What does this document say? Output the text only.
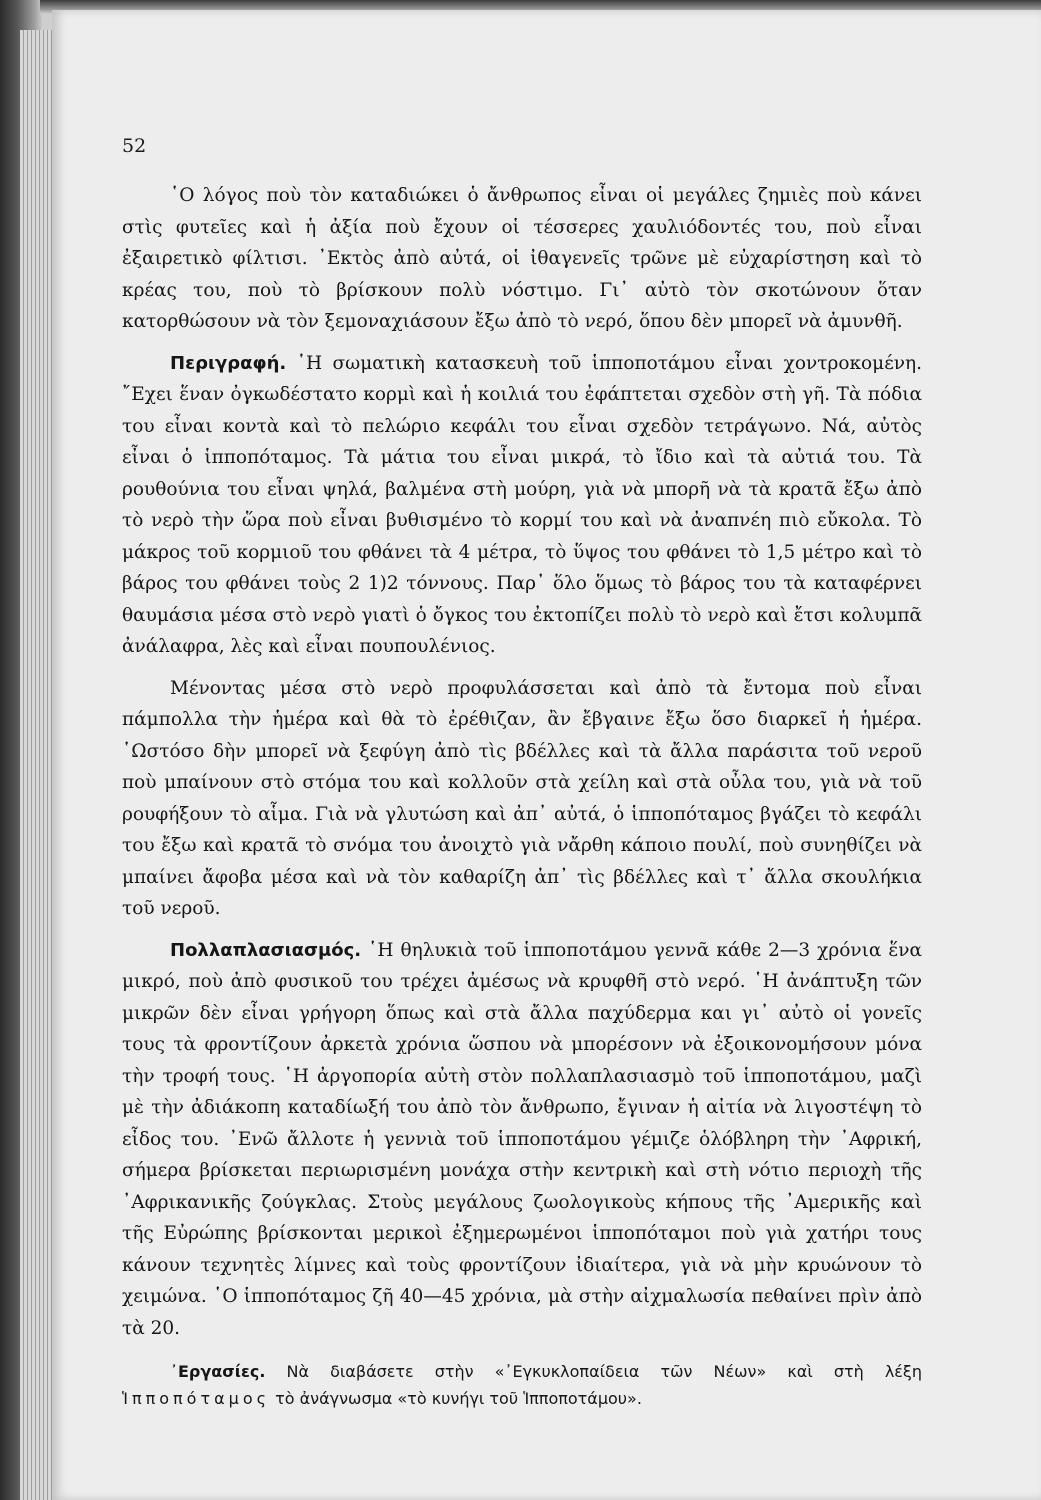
52

῾Ο λόγος ποὺ τὸν καταδιώκει ὁ ἄνθρωπος εἶναι οἱ μεγάλες ζημιὲς ποὺ κάνει στὶς φυτεῖες καὶ ἡ ἀξία ποὺ ἔχουν οἱ τέσσερες χαυλιόδοντές του, ποὺ εἶναι ἐξαιρετικὸ φίλτισι. ᾿Εκτὸς ἀπὸ αὐτά, οἱ ἰθαγενεῖς τρῶνε μὲ εὐχαρίστηση καὶ τὸ κρέας του, ποὺ τὸ βρίσκουν πολὺ νόστιμο. Γι᾿ αὐτὸ τὸν σκοτώνουν ὅταν κατορθώσουν νὰ τὸν ξεμοναχιάσουν ἔξω ἀπὸ τὸ νερό, ὅπου δὲν μπορεῖ νὰ ἀμυνθῆ.

Περιγραφή. ῾Η σωματικὴ κατασκευὴ τοῦ ἱπποποτάμου εἶναι χοντροκομένη. ῎Εχει ἕναν ὀγκωδέστατο κορμὶ καὶ ἡ κοιλιά του ἐφάπτεται σχεδὸν στὴ γῆ. Τὰ πόδια του εἶναι κοντὰ καὶ τὸ πελώριο κεφάλι του εἶναι σχεδὸν τετράγωνο. Νά, αὐτὸς εἶναι ὁ ἱπποπόταμος. Τὰ μάτια του εἶναι μικρά, τὸ ἴδιο καὶ τὰ αὐτιά του. Τὰ ρουθούνια του εἶναι ψηλά, βαλμένα στὴ μούρη, γιὰ νὰ μπορῆ νὰ τὰ κρατᾶ ἔξω ἀπὸ τὸ νερὸ τὴν ὥρα ποὺ εἶναι βυθισμένο τὸ κορμί του καὶ νὰ ἀναπνέη πιὸ εὔκολα. Τὸ μάκρος τοῦ κορμιοῦ του φθάνει τὰ 4 μέτρα, τὸ ὕψος του φθάνει τὸ 1,5 μέτρο καὶ τὸ βάρος του φθάνει τοὺς 2 1)2 τόννους. Παρ᾿ ὅλο ὅμως τὸ βάρος του τὰ καταφέρνει θαυμάσια μέσα στὸ νερὸ γιατὶ ὁ ὄγκος του ἐκτοπίζει πολὺ τὸ νερὸ καὶ ἔτσι κολυμπᾶ ἀνάλαφρα, λὲς καὶ εἶναι πουπουλένιος.

Μένοντας μέσα στὸ νερὸ προφυλάσσεται καὶ ἀπὸ τὰ ἔντομα ποὺ εἶναι πάμπολλα τὴν ἡμέρα καὶ θὰ τὸ ἐρέθιζαν, ἂν ἔβγαινε ἔξω ὅσο διαρκεῖ ἡ ἡμέρα. ῾Ωστόσο δὴν μπορεῖ νὰ ξεφύγη ἀπὸ τὶς βδέλλες καὶ τὰ ἄλλα παράσιτα τοῦ νεροῦ ποὺ μπαίνουν στὸ στόμα του καὶ κολλοῦν στὰ χείλη καὶ στὰ οὖλα του, γιὰ νὰ τοῦ ρουφήξουν τὸ αἷμα. Γιὰ νὰ γλυτώση καὶ ἀπ᾿ αὐτά, ὁ ἱπποπόταμος βγάζει τὸ κεφάλι του ἔξω καὶ κρατᾶ τὸ σνόμα του ἀνοιχτὸ γιὰ νἄρθη κάποιο πουλί, ποὺ συνηθίζει νὰ μπαίνει ἄφοβα μέσα καὶ νὰ τὸν καθαρίζη ἀπ᾿ τὶς βδέλλες καὶ τ᾿ ἄλλα σκουλήκια τοῦ νεροῦ.

Πολλαπλασιασμός. ῾Η θηλυκιὰ τοῦ ἱπποποτάμου γεννᾶ κάθε 2—3 χρόνια ἕνα μικρό, ποὺ ἀπὸ φυσικοῦ του τρέχει ἀμέσως νὰ κρυφθῆ στὸ νερό. ῾Η ἀνάπτυξη τῶν μικρῶν δὲν εἶναι γρήγορη ὅπως καὶ στὰ ἄλλα παχύδερμα και γι᾿ αὐτὸ οἱ γονεῖς τους τὰ φροντίζουν ἀρκετὰ χρόνια ὥσπου νὰ μπορέσονν νὰ ἐξοικονομήσουν μόνα τὴν τροφή τους. ῾Η ἀργοπορία αὐτὴ στὸν πολλαπλασιασμὸ τοῦ ἱπποποτάμου, μαζὶ μὲ τὴν ἀδιάκοπη καταδίωξή του ἀπὸ τὸν ἄνθρωπο, ἔγιναν ἡ αἰτία νὰ λιγοστέψη τὸ εἶδος του. ᾿Ενῶ ἄλλοτε ἡ γεννιὰ τοῦ ἱπποποτάμου γέμιζε ὁλόβληρη τὴν ᾿Αφρική, σήμερα βρίσκεται περιωρισμένη μονάχα στὴν κεντρικὴ καὶ στὴ νότιο περιοχὴ τῆς ᾿Αφρικανικῆς ζούγκλας. Στοὺς μεγάλους ζωολογικοὺς κήπους τῆς ᾿Αμερικῆς καὶ τῆς Εὐρώπης βρίσκονται μερικοὶ ἐξημερωμένοι ἱπποπόταμοι ποὺ γιὰ χατήρι τους κάνουν τεχνητὲς λίμνες καὶ τοὺς φροντίζουν ἰδιαίτερα, γιὰ νὰ μὴν κρυώνουν τὸ χειμώνα. ῾Ο ἱπποπόταμος ζῆ 40—45 χρόνια, μὰ στὴν αἰχμαλωσία πεθαίνει πρὶν ἀπὸ τὰ 20.

᾿Εργασίες. Νὰ διαβάσετε στὴν «᾿Εγκυκλοπαίδεια τῶν Νέων» καὶ στὴ λέξη Ἱπποπόταμος τὸ ἀνάγνωσμα «τὸ κυνήγι τοῦ Ἱπποποτάμου».
